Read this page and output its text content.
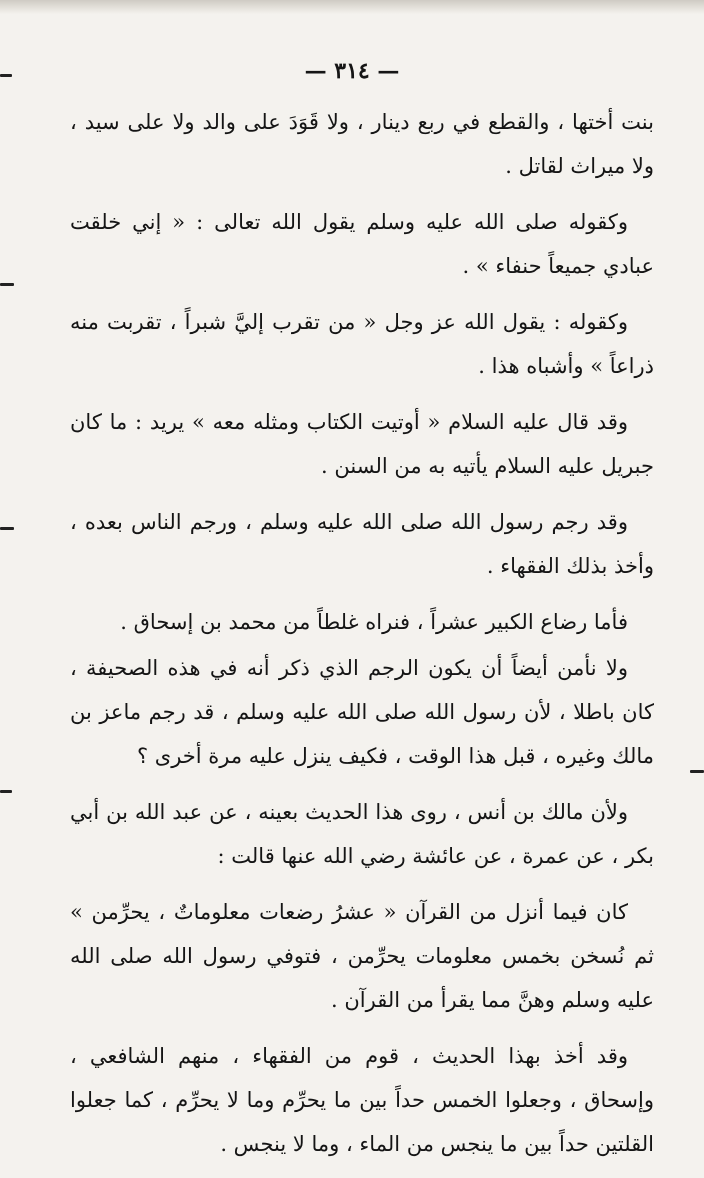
— ٣١٤ —

بنت أختها ، والقطع في ربع دينار ، ولا قَوَدَ على والد ولا على سيد ، ولا ميراث لقاتل .

وكقوله صلى الله عليه وسلم يقول الله تعالى : « إني خلقت عبادي جميعاً حنفاء » .

وكقوله : يقول الله عز وجل « من تقرب إليَّ شبراً ، تقربت منه ذراعاً » وأشباه هذا .

وقد قال عليه السلام « أوتيت الكتاب ومثله معه » يريد : ما كان جبريل عليه السلام يأتيه به من السنن .

وقد رجم رسول الله صلى الله عليه وسلم ، ورجم الناس بعده ، وأخذ بذلك الفقهاء .

فأما رضاع الكبير عشراً ، فنراه غلطاً من محمد بن إسحاق .

ولا نأمن أيضاً أن يكون الرجم الذي ذكر أنه في هذه الصحيفة ، كان باطلا ، لأن رسول الله صلى الله عليه وسلم ، قد رجم ماعز بن مالك وغيره ، قبل هذا الوقت ، فكيف ينزل عليه مرة أخرى ؟

ولأن مالك بن أنس ، روى هذا الحديث بعينه ، عن عبد الله بن أبي بكر ، عن عمرة ، عن عائشة رضي الله عنها قالت :

كان فيما أنزل من القرآن « عشرُ رضعات معلوماتٌ ، يحرِّمن » ثم نُسخن بخمس معلومات يحرِّمن ، فتوفي رسول الله صلى الله عليه وسلم وهنَّ مما يقرأ من القرآن .

وقد أخذ بهذا الحديث ، قوم من الفقهاء ، منهم الشافعي ، وإسحاق ، وجعلوا الخمس حداً بين ما يحرِّم وما لا يحرِّم ، كما جعلوا القلتين حداً بين ما ينجس من الماء ، وما لا ينجس .
